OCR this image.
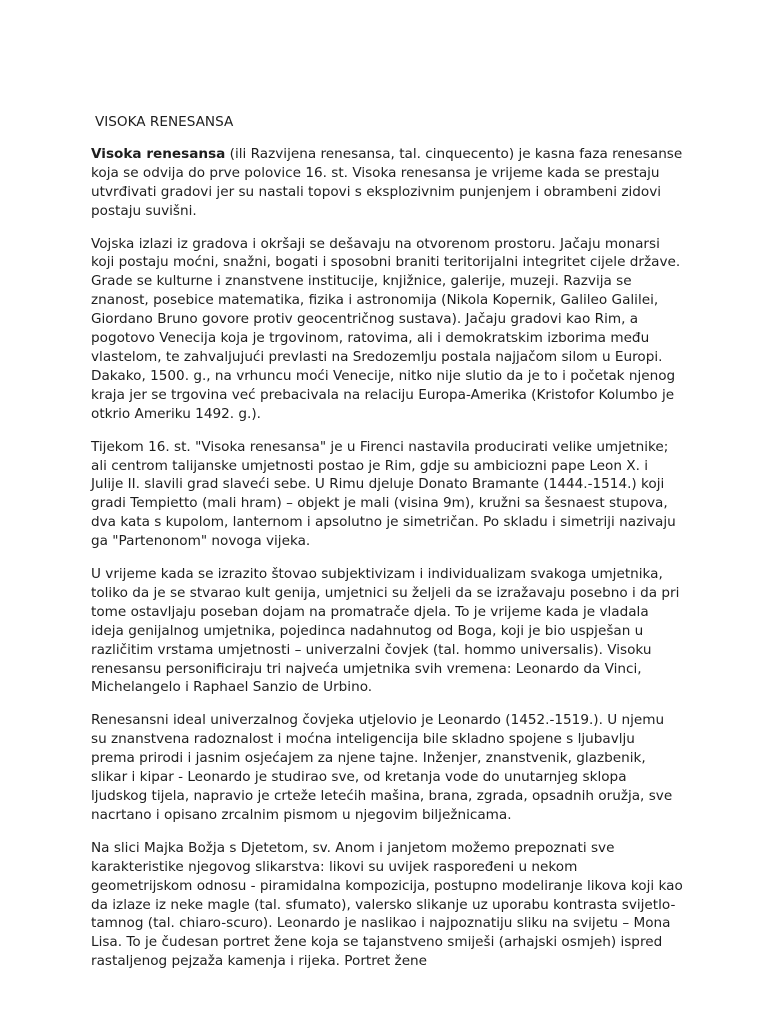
VISOKA RENESANSA

Visoka renesansa (ili Razvijena renesansa, tal. cinquecento) je kasna faza renesanse koja se odvija do prve polovice 16. st. Visoka renesansa je vrijeme kada se prestaju utvrđivati gradovi jer su nastali topovi s eksplozivnim punjenjem i obrambeni zidovi postaju suvišni.

Vojska izlazi iz gradova i okršaji se dešavaju na otvorenom prostoru. Jačaju monarsi koji postaju moćni, snažni, bogati i sposobni braniti teritorijalni integritet cijele države. Grade se kulturne i znanstvene institucije, knjižnice, galerije, muzeji. Razvija se znanost, posebice matematika, fizika i astronomija (Nikola Kopernik, Galileo Galilei, Giordano Bruno govore protiv geocentričnog sustava). Jačaju gradovi kao Rim, a pogotovo Venecija koja je trgovinom, ratovima, ali i demokratskim izborima među vlastelom, te zahvaljujući prevlasti na Sredozemlju postala najjačom silom u Europi. Dakako, 1500. g., na vrhuncu moći Venecije, nitko nije slutio da je to i početak njenog kraja jer se trgovina već prebacivala na relaciju Europa-Amerika (Kristofor Kolumbo je otkrio Ameriku 1492. g.).

Tijekom 16. st. "Visoka renesansa" je u Firenci nastavila producirati velike umjetnike; ali centrom talijanske umjetnosti postao je Rim, gdje su ambiciozni pape Leon X. i Julije II. slavili grad slaveći sebe. U Rimu djeluje Donato Bramante (1444.-1514.) koji gradi Tempietto (mali hram) – objekt je mali (visina 9m), kružni sa šesnaest stupova, dva kata s kupolom, lanternom i apsolutno je simetričan. Po skladu i simetriji nazivaju ga "Partenonom" novoga vijeka.

U vrijeme kada se izrazito štovao subjektivizam i individualizam svakoga umjetnika, toliko da je se stvarao kult genija, umjetnici su željeli da se izražavaju posebno i da pri tome ostavljaju poseban dojam na promatrače djela. To je vrijeme kada je vladala ideja genijalnog umjetnika, pojedinca nadahnutog od Boga, koji je bio uspješan u različitim vrstama umjetnosti – univerzalni čovjek (tal. hommo universalis). Visoku renesansu personificiraju tri najveća umjetnika svih vremena: Leonardo da Vinci, Michelangelo i Raphael Sanzio de Urbino.

Renesansni ideal univerzalnog čovjeka utjelovio je Leonardo (1452.-1519.). U njemu su znanstvena radoznalost i moćna inteligencija bile skladno spojene s ljubavlju prema prirodi i jasnim osjećajem za njene tajne. Inženjer, znanstvenik, glazbenik, slikar i kipar - Leonardo je studirao sve, od kretanja vode do unutarnjeg sklopa ljudskog tijela, napravio je crteže letećih mašina, brana, zgrada, opsadnih oružja, sve nacrtano i opisano zrcalnim pismom u njegovim bilježnicama.

Na slici Majka Božja s Djetetom, sv. Anom i janjetom možemo prepoznati sve karakteristike njegovog slikarstva: likovi su uvijek raspoređeni u nekom geometrijskom odnosu - piramidalna kompozicija, postupno modeliranje likova koji kao da izlaze iz neke magle (tal. sfumato), valersko slikanje uz uporabu kontrasta svijetlo-tamnog (tal. chiaro-scuro). Leonardo je naslikao i najpoznatiju sliku na svijetu – Mona Lisa. To je čudesan portret žene koja se tajanstveno smiješi (arhajski osmjeh) ispred rastaljenog pejzaža kamenja i rijeka. Portret žene
